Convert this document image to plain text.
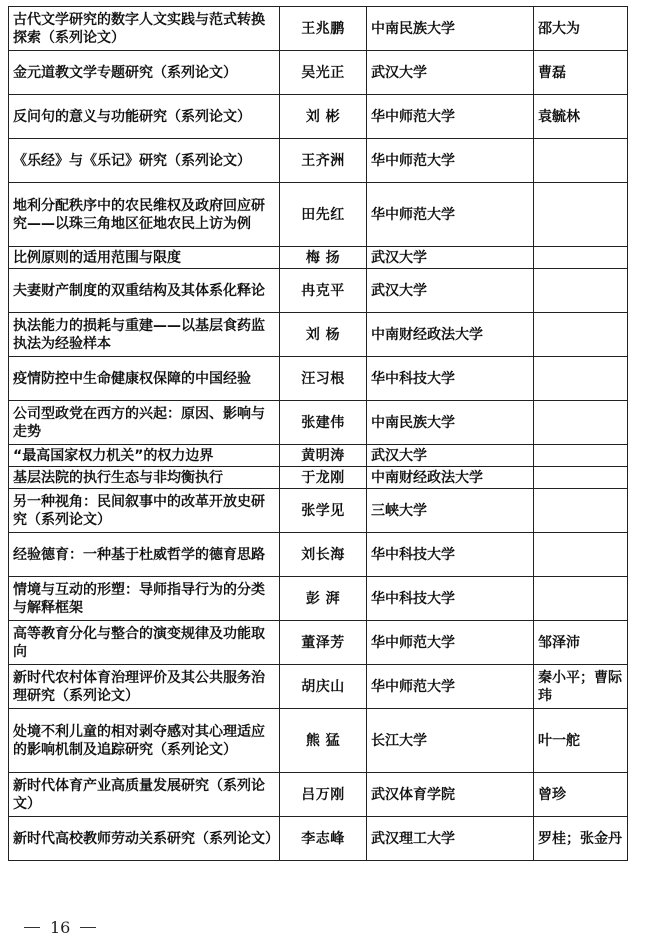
古代文学研究的数字人文实践与范式转换探索（系列论文）	王兆鹏	中南民族大学	邵大为
金元道教文学专题研究（系列论文）	吴光正	武汉大学	曹磊
反问句的意义与功能研究（系列论文）	刘 彬	华中师范大学	袁毓林
《乐经》与《乐记》研究（系列论文）	王齐洲	华中师范大学	
地利分配秩序中的农民维权及政府回应研究——以珠三角地区征地农民上访为例	田先红	华中师范大学	
比例原则的适用范围与限度	梅 扬	武汉大学	
夫妻财产制度的双重结构及其体系化释论	冉克平	武汉大学	
执法能力的损耗与重建——以基层食药监执法为经验样本	刘 杨	中南财经政法大学	
疫情防控中生命健康权保障的中国经验	汪习根	华中科技大学	
公司型政党在西方的兴起：原因、影响与走势	张建伟	中南民族大学	
“最高国家权力机关”的权力边界	黄明涛	武汉大学	
基层法院的执行生态与非均衡执行	于龙刚	中南财经政法大学	
另一种视角：民间叙事中的改革开放史研究（系列论文）	张学见	三峡大学	
经验德育：一种基于杜威哲学的德育思路	刘长海	华中科技大学	
情境与互动的形塑：导师指导行为的分类与解释框架	彭 湃	华中科技大学	
高等教育分化与整合的演变规律及功能取向	董泽芳	华中师范大学	邹泽沛
新时代农村体育治理评价及其公共服务治理研究（系列论文）	胡庆山	华中师范大学	秦小平；曹际玮
处境不利儿童的相对剥夺感对其心理适应的影响机制及追踪研究（系列论文）	熊 猛	长江大学	叶一舵
新时代体育产业高质量发展研究（系列论文）	吕万刚	武汉体育学院	曾珍
新时代高校教师劳动关系研究（系列论文）	李志峰	武汉理工大学	罗桂；张金丹
16
